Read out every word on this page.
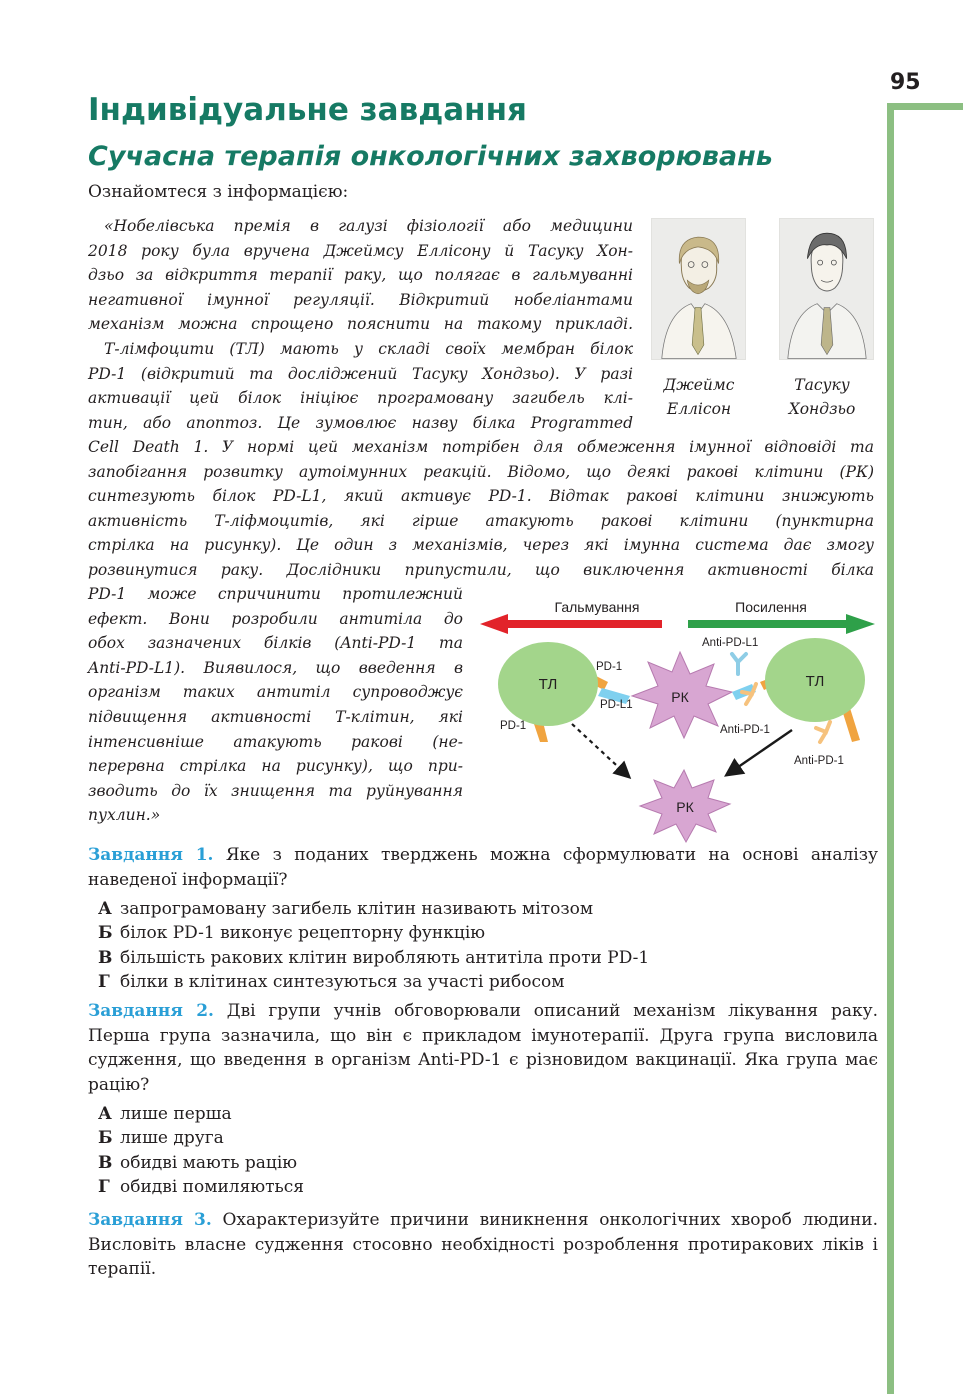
95
Індивідуальне завдання
Сучасна терапія онкологічних захворювань
Ознайомтеся з інформацією:
«Нобелівська премія в галузі фізіології або медицини
2018 року була вручена Джеймсу Еллісону й Тасуку Хон-
дзьо за відкриття терапії раку, що полягає в гальмуванні
негативної імунної регуляції. Відкритий нобеліантами
механізм можна спрощено пояснити на такому прикладі.
Т-лімфоцити (ТЛ) мають у складі своїх мембран білок
PD-1 (відкритий та досліджений Тасуку Хондзьо). У разі
активації цей білок ініціює програмовану загибель клі-
тин, або апоптоз. Це зумовлює назву білка Programmed
Cell Death 1. У нормі цей механізм потрібен для обмеження імунної відповіді та
запобігання розвитку аутоімунних реакцій. Відомо, що деякі ракові клітини (РК)
синтезують білок PD-L1, який активує PD-1. Відтак ракові клітини знижують
активність Т-ліфмоцитів, які гірше атакують ракові клітини (пунктирна
стрілка на рисунку). Це один з механізмів, через які імунна система дає змогу
розвинутися раку. Дослідники припустили, що виключення активності білка
PD-1 може спричинити протилежний
ефект. Вони розробили антитіла до
обох зазначених білків (Anti-PD-1 та
Anti-PD-L1). Виявилося, що введення в
організм таких антитіл супроводжує
підвищення активності Т-клітин, які
інтенсивніше атакують ракові (не-
перервна стрілка на рисунку), що при-
зводить до їх знищення та руйнування
пухлин.»
Джеймс
Еллісон
Тасуку
Хондзьо
Гальмування	Посилення
ТЛ
РК
ТЛ
PD-1
PD-L1
PD-1
Anti-PD-L1
Anti-PD-1
Anti-PD-1
РК
Завдання 1. Яке з поданих тверджень можна сформулювати на основі аналізу наведеної інформації?
А запрограмовану загибель клітин називають мітозом
Б білок PD-1 виконує рецепторну функцію
В більшість ракових клітин виробляють антитіла проти PD-1
Г білки в клітинах синтезуються за участі рибосом
Завдання 2. Дві групи учнів обговорювали описаний механізм лікування раку. Перша група зазначила, що він є прикладом імунотерапії. Друга група висловила судження, що введення в організм Anti-PD-1 є різновидом вакцинації. Яка група має рацію?
А лише перша
Б лише друга
В обидві мають рацію
Г обидві помиляються
Завдання 3. Охарактеризуйте причини виникнення онкологічних хвороб людини. Висловіть власне судження стосовно необхідності розроблення протиракових ліків і терапії.
